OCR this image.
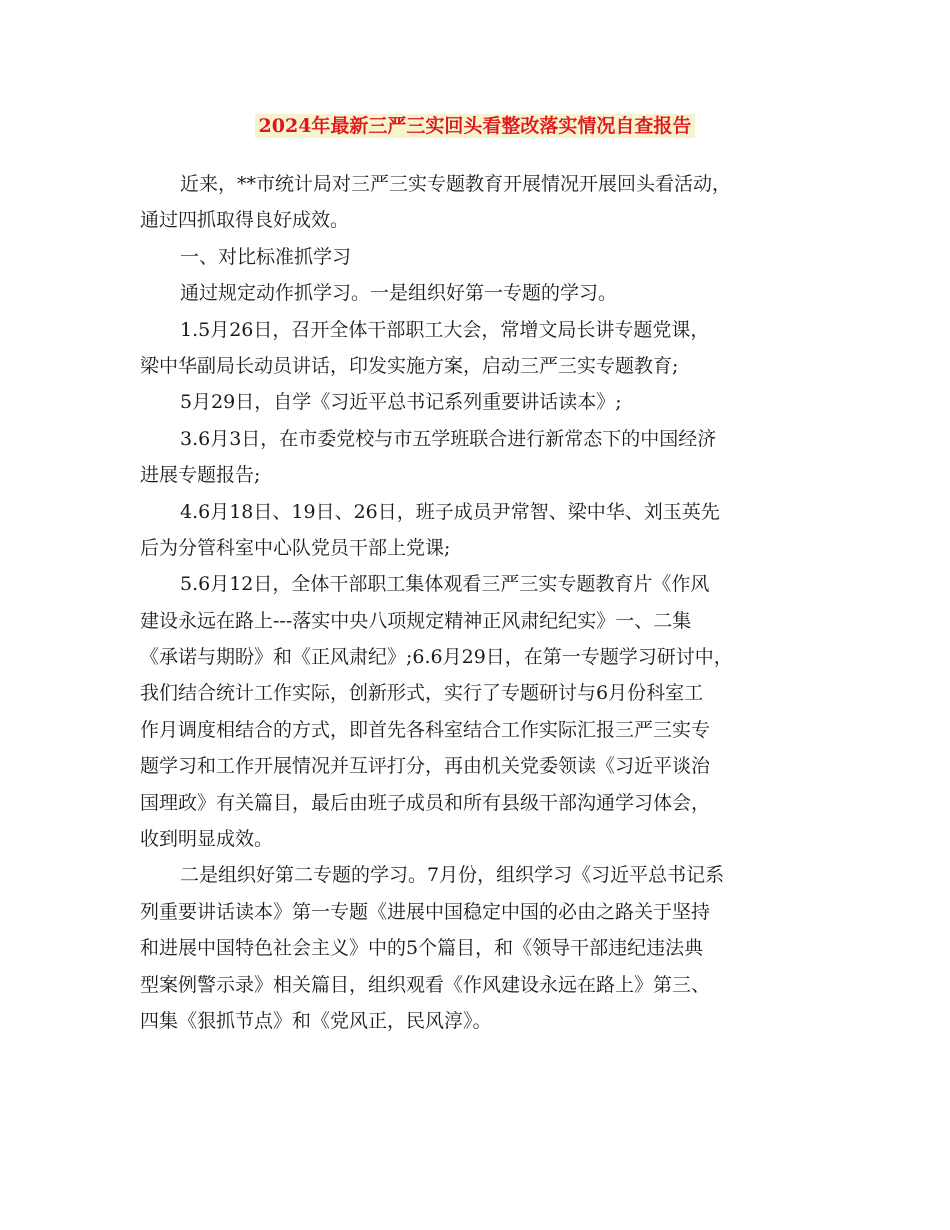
2024年最新三严三实回头看整改落实情况自查报告
近来，**市统计局对三严三实专题教育开展情况开展回头看活动，
通过四抓取得良好成效。
一、对比标准抓学习
通过规定动作抓学习。一是组织好第一专题的学习。
1.5月26日，召开全体干部职工大会，常增文局长讲专题党课，
梁中华副局长动员讲话，印发实施方案，启动三严三实专题教育;
5月29日，自学《习近平总书记系列重要讲话读本》;
3.6月3日，在市委党校与市五学班联合进行新常态下的中国经济
进展专题报告;
4.6月18日、19日、26日，班子成员尹常智、梁中华、刘玉英先
后为分管科室中心队党员干部上党课;
5.6月12日，全体干部职工集体观看三严三实专题教育片《作风
建设永远在路上---落实中央八项规定精神正风肃纪纪实》一、二集
《承诺与期盼》和《正风肃纪》;6.6月29日，在第一专题学习研讨中，
我们结合统计工作实际，创新形式，实行了专题研讨与6月份科室工
作月调度相结合的方式，即首先各科室结合工作实际汇报三严三实专
题学习和工作开展情况并互评打分，再由机关党委领读《习近平谈治
国理政》有关篇目，最后由班子成员和所有县级干部沟通学习体会，
收到明显成效。
二是组织好第二专题的学习。7月份，组织学习《习近平总书记系
列重要讲话读本》第一专题《进展中国稳定中国的必由之路关于坚持
和进展中国特色社会主义》中的5个篇目，和《领导干部违纪违法典
型案例警示录》相关篇目，组织观看《作风建设永远在路上》第三、
四集《狠抓节点》和《党风正，民风淳》。
